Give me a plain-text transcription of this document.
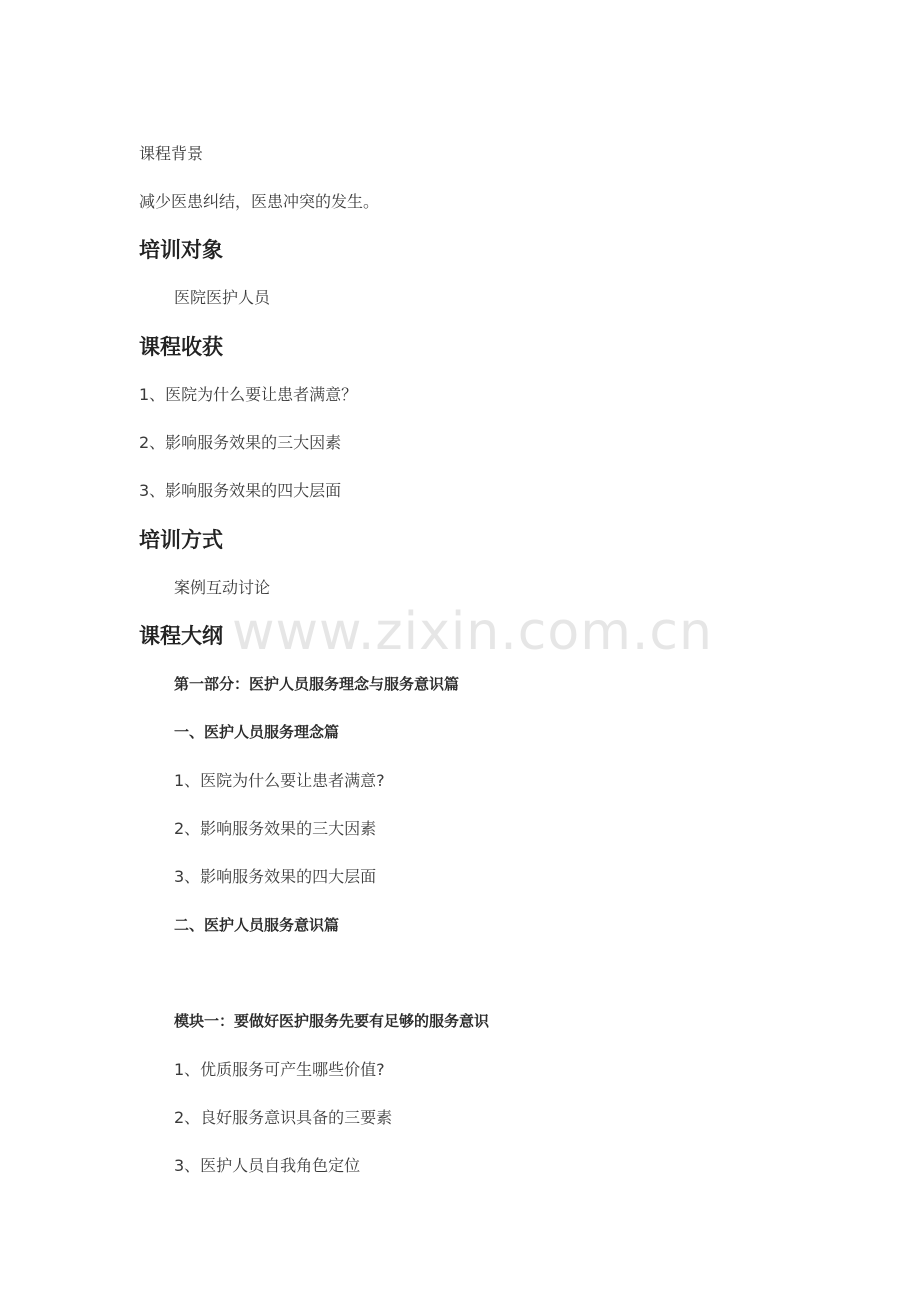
www.zixin.com.cn
课程背景
减少医患纠结，医患冲突的发生。
培训对象
医院医护人员
课程收获
1、医院为什么要让患者满意？
2、影响服务效果的三大因素
3、影响服务效果的四大层面
培训方式
案例互动讨论
课程大纲
第一部分：医护人员服务理念与服务意识篇
一、医护人员服务理念篇
1、医院为什么要让患者满意?
2、影响服务效果的三大因素
3、影响服务效果的四大层面
二、医护人员服务意识篇
模块一：要做好医护服务先要有足够的服务意识
1、优质服务可产生哪些价值?
2、良好服务意识具备的三要素
3、医护人员自我角色定位
